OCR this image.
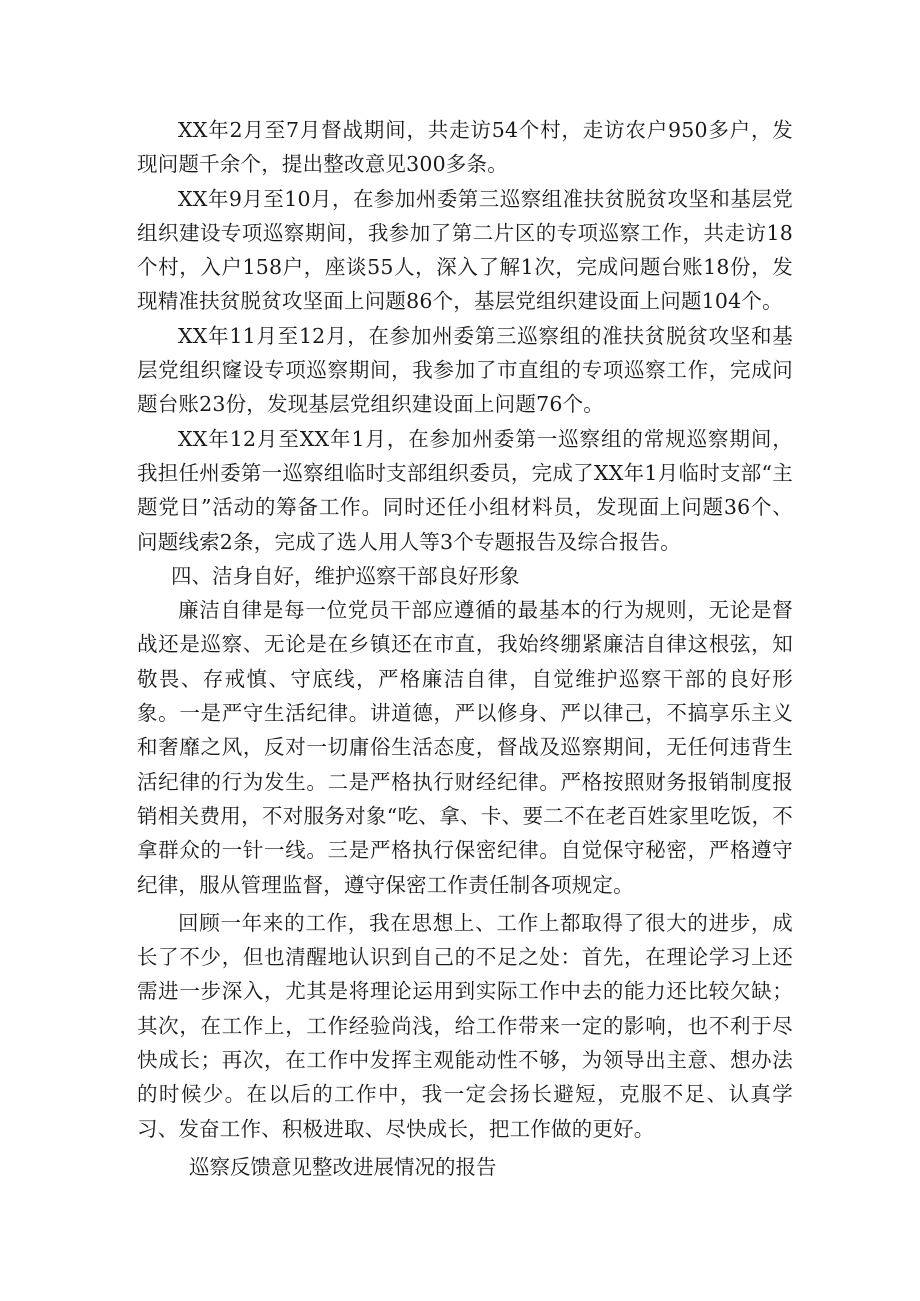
XX年2月至7月督战期间，共走访54个村，走访农户950多户，发现问题千余个，提出整改意见300多条。

XX年9月至10月，在参加州委第三巡察组准扶贫脱贫攻坚和基层党组织建设专项巡察期间，我参加了第二片区的专项巡察工作，共走访18个村，入户158户，座谈55人，深入了解1次，完成问题台账18份，发现精准扶贫脱贫攻坚面上问题86个，基层党组织建设面上问题104个。

XX年11月至12月，在参加州委第三巡察组的准扶贫脱贫攻坚和基层党组织窿设专项巡察期间，我参加了市直组的专项巡察工作，完成问题台账23份，发现基层党组织建设面上问题76个。

XX年12月至XX年1月，在参加州委第一巡察组的常规巡察期间，我担任州委第一巡察组临时支部组织委员，完成了XX年1月临时支部“主题党日”活动的筹备工作。同时还任小组材料员，发现面上问题36个、问题线索2条，完成了选人用人等3个专题报告及综合报告。

四、洁身自好，维护巡察干部良好形象

廉洁自律是每一位党员干部应遵循的最基本的行为规则，无论是督战还是巡察、无论是在乡镇还在市直，我始终绷紧廉洁自律这根弦，知敬畏、存戒慎、守底线，严格廉洁自律，自觉维护巡察干部的良好形象。一是严守生活纪律。讲道德，严以修身、严以律己，不搞享乐主义和奢靡之风，反对一切庸俗生活态度，督战及巡察期间，无任何违背生活纪律的行为发生。二是严格执行财经纪律。严格按照财务报销制度报销相关费用，不对服务对象“吃、拿、卡、要二不在老百姓家里吃饭，不拿群众的一针一线。三是严格执行保密纪律。自觉保守秘密，严格遵守纪律，服从管理监督，遵守保密工作责任制各项规定。

回顾一年来的工作，我在思想上、工作上都取得了很大的进步，成长了不少，但也清醒地认识到自己的不足之处：首先，在理论学习上还需进一步深入，尤其是将理论运用到实际工作中去的能力还比较欠缺；其次，在工作上，工作经验尚浅，给工作带来一定的影响，也不利于尽快成长；再次，在工作中发挥主观能动性不够，为领导出主意、想办法的时候少。在以后的工作中，我一定会扬长避短，克服不足、认真学习、发奋工作、积极进取、尽快成长，把工作做的更好。

巡察反馈意见整改进展情况的报告
